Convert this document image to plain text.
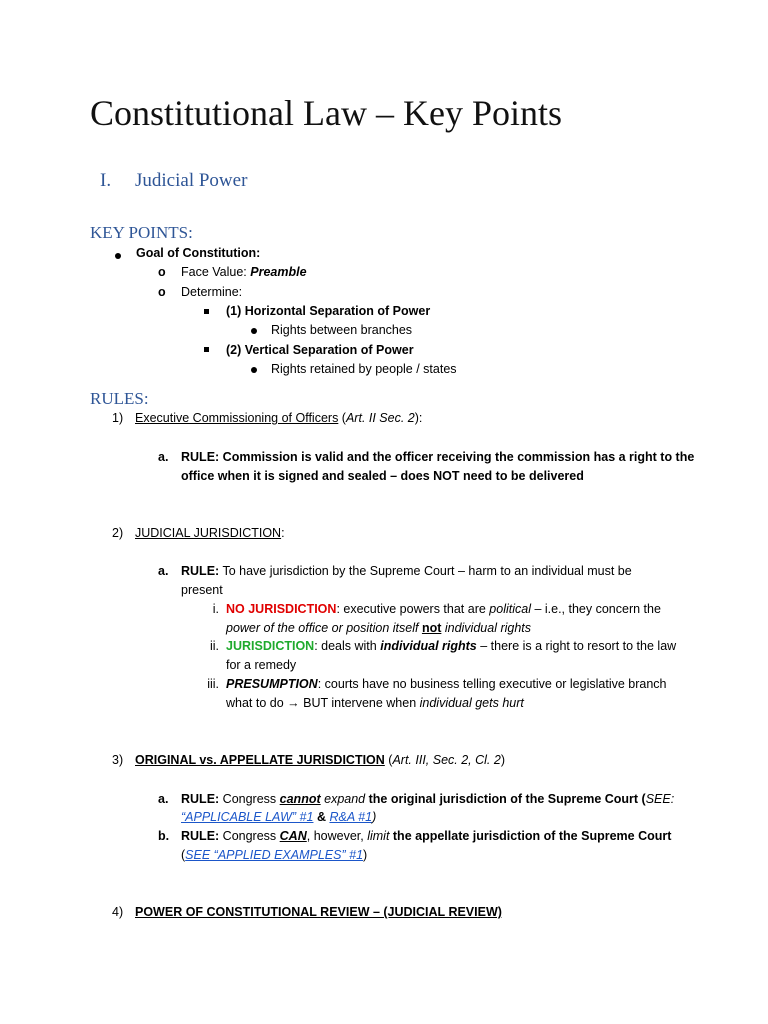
Constitutional Law – Key Points
I. Judicial Power
KEY POINTS:
Goal of Constitution:
o Face Value: Preamble
o Determine:
(1) Horizontal Separation of Power
Rights between branches
(2) Vertical Separation of Power
Rights retained by people / states
RULES:
1) Executive Commissioning of Officers (Art. II Sec. 2):
a. RULE: Commission is valid and the officer receiving the commission has a right to the
office when it is signed and sealed – does NOT need to be delivered
2) JUDICIAL JURISDICTION:
a. RULE: To have jurisdiction by the Supreme Court – harm to an individual must be
present
i. NO JURISDICTION: executive powers that are political – i.e., they concern the
power of the office or position itself not individual rights
ii. JURISDICTION: deals with individual rights – there is a right to resort to the law
for a remedy
iii. PRESUMPTION: courts have no business telling executive or legislative branch
what to do → BUT intervene when individual gets hurt
3) ORIGINAL vs. APPELLATE JURISDICTION (Art. III, Sec. 2, Cl. 2)
a. RULE: Congress cannot expand the original jurisdiction of the Supreme Court (SEE:
“APPLICABLE LAW” #1 & R&A #1)
b. RULE: Congress CAN, however, limit the appellate jurisdiction of the Supreme Court
(SEE “APPLIED EXAMPLES” #1)
4) POWER OF CONSTITUTIONAL REVIEW – (JUDICIAL REVIEW)
